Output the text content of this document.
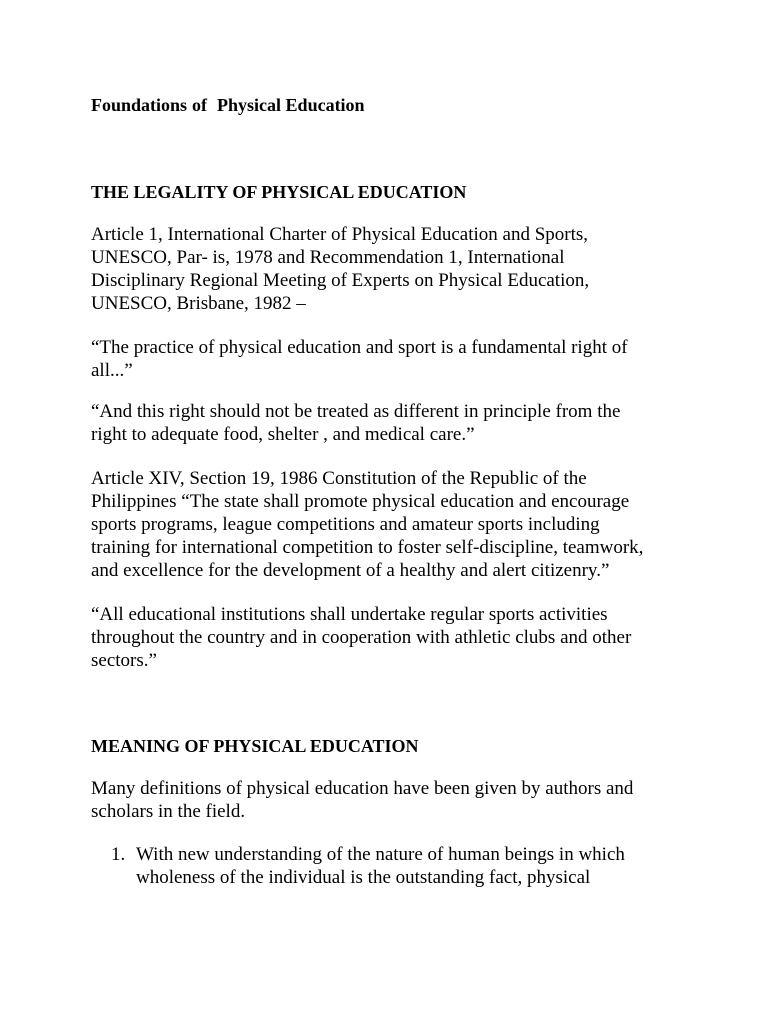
Foundations of Physical Education
THE LEGALITY OF PHYSICAL EDUCATION
Article 1, International Charter of Physical Education and Sports,
UNESCO, Par- is, 1978 and Recommendation 1, International
Disciplinary Regional Meeting of Experts on Physical Education,
UNESCO, Brisbane, 1982 –
“The practice of physical education and sport is a fundamental right of
all...”
“And this right should not be treated as different in principle from the
right to adequate food, shelter , and medical care.”
Article XIV, Section 19, 1986 Constitution of the Republic of the
Philippines “The state shall promote physical education and encourage
sports programs, league competitions and amateur sports including
training for international competition to foster self-discipline, teamwork,
and excellence for the development of a healthy and alert citizenry.”
“All educational institutions shall undertake regular sports activities
throughout the country and in cooperation with athletic clubs and other
sectors.”
MEANING OF PHYSICAL EDUCATION
Many definitions of physical education have been given by authors and
scholars in the field.
1. With new understanding of the nature of human beings in which
wholeness of the individual is the outstanding fact, physical
